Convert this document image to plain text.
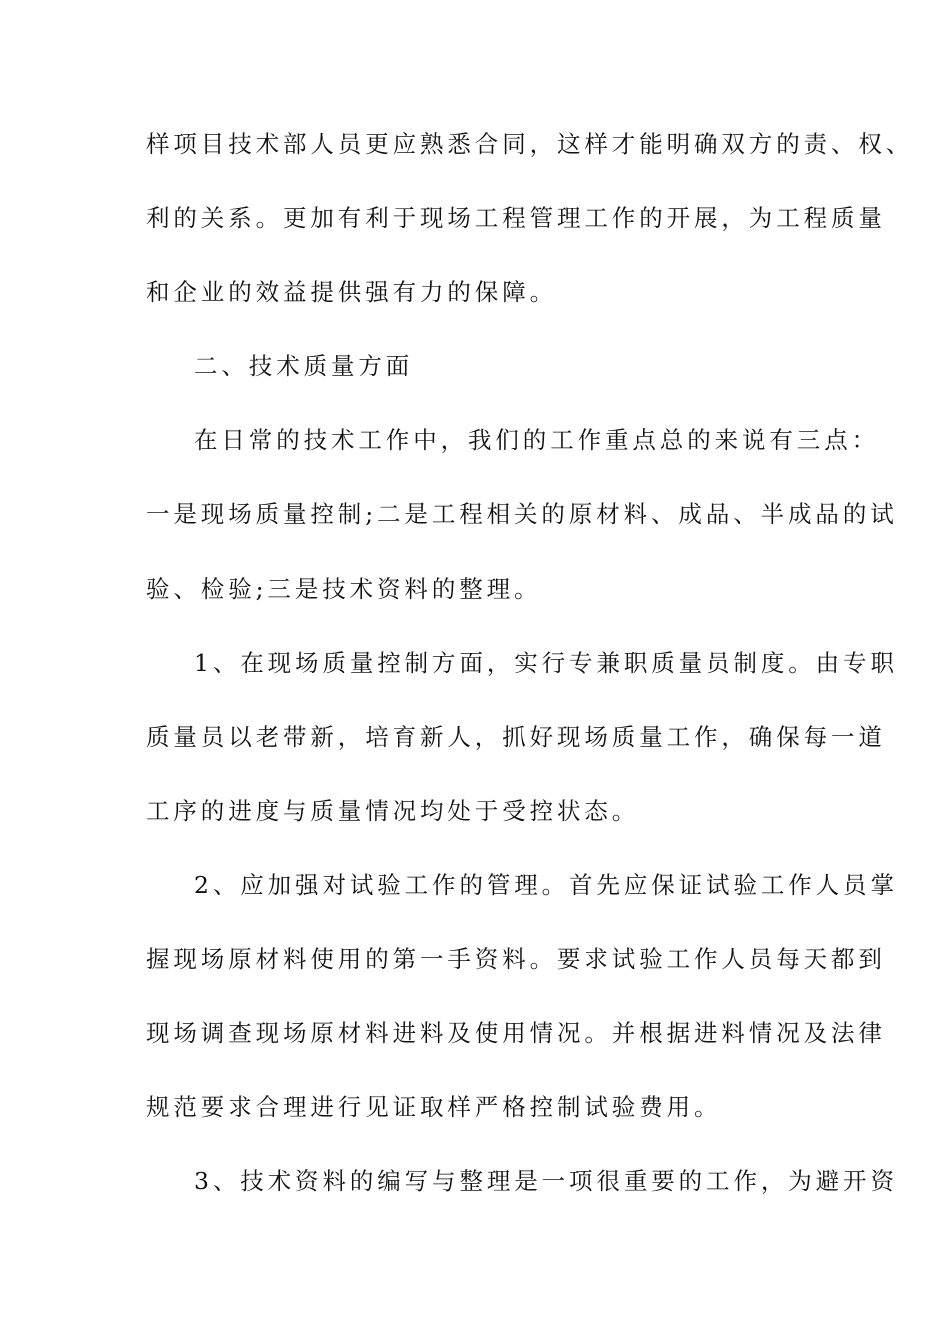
样项目技术部人员更应熟悉合同，这样才能明确双方的责、权、
利的关系。更加有利于现场工程管理工作的开展，为工程质量
和企业的效益提供强有力的保障。
二、技术质量方面
在日常的技术工作中，我们的工作重点总的来说有三点：
一是现场质量控制;二是工程相关的原材料、成品、半成品的试
验、检验;三是技术资料的整理。
1、在现场质量控制方面，实行专兼职质量员制度。由专职
质量员以老带新，培育新人，抓好现场质量工作，确保每一道
工序的进度与质量情况均处于受控状态。
2、应加强对试验工作的管理。首先应保证试验工作人员掌
握现场原材料使用的第一手资料。要求试验工作人员每天都到
现场调查现场原材料进料及使用情况。并根据进料情况及法律
规范要求合理进行见证取样严格控制试验费用。
3、技术资料的编写与整理是一项很重要的工作，为避开资
